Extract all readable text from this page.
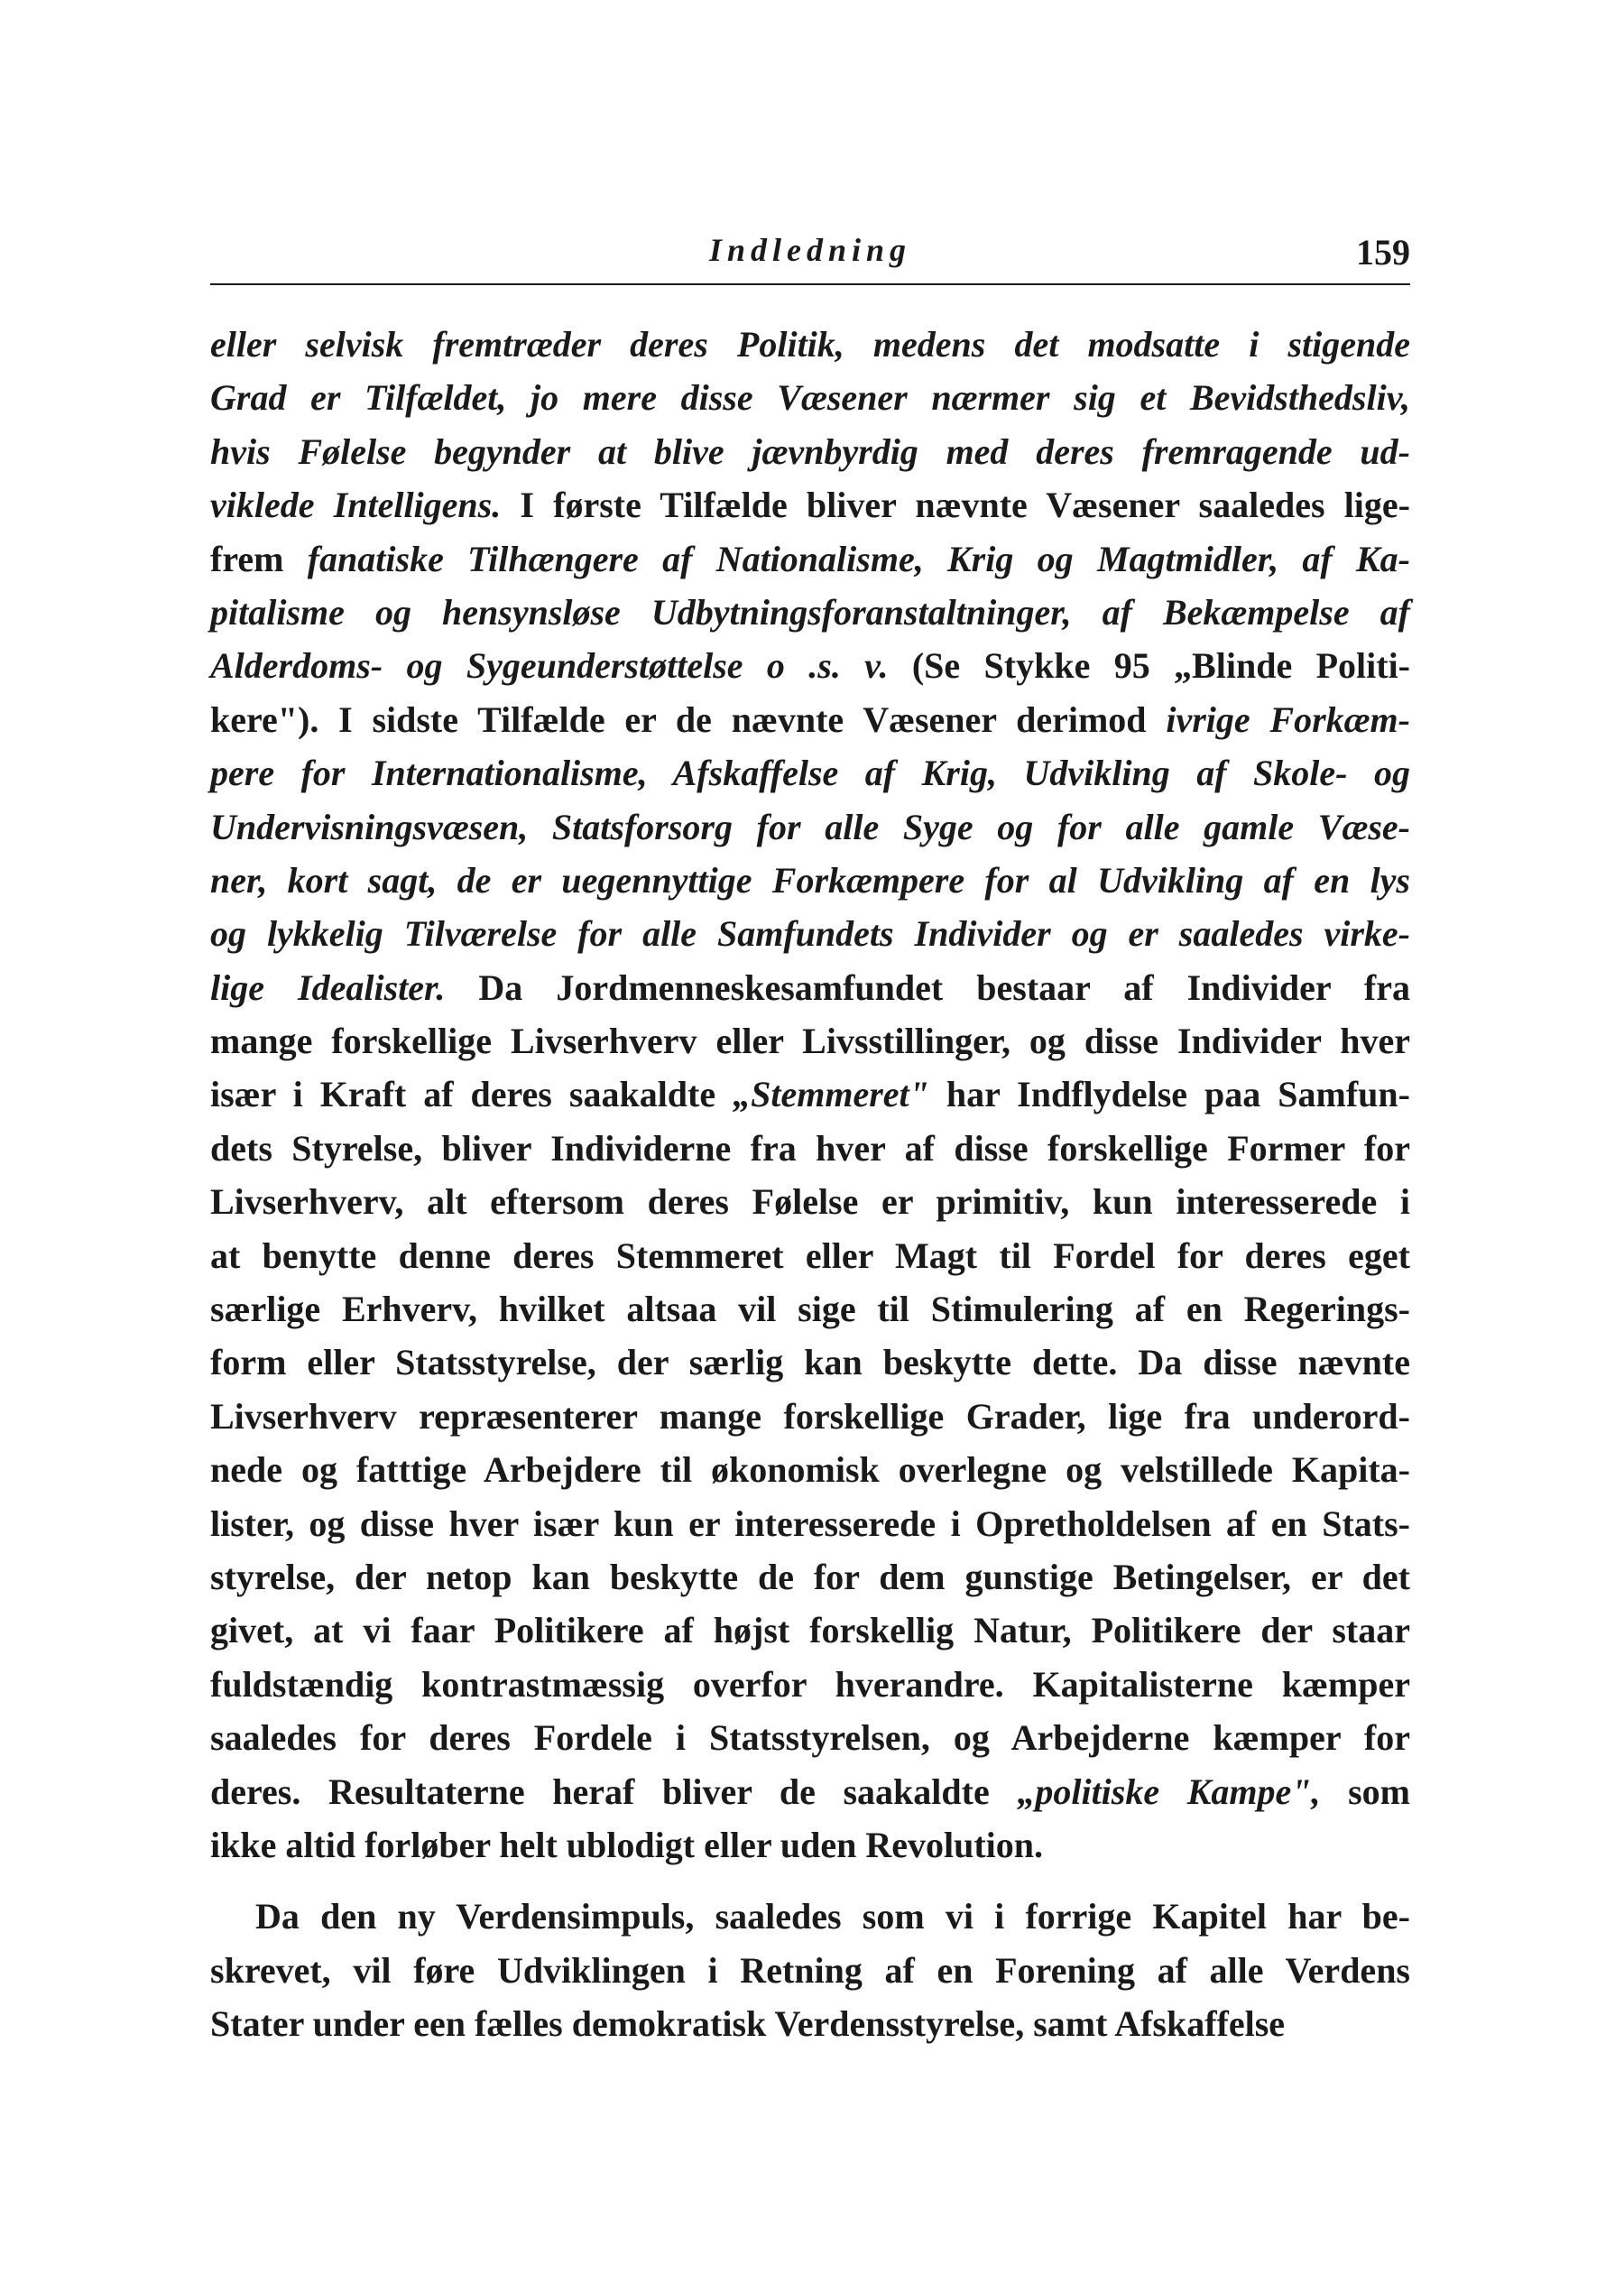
Indledning	159
eller selvisk fremtræder deres Politik, medens det modsatte i stigende
Grad er Tilfældet, jo mere disse Væsener nærmer sig et Bevidsthedsliv,
hvis Følelse begynder at blive jævnbyrdig med deres fremragende ud-
viklede Intelligens. I første Tilfælde bliver nævnte Væsener saaledes lige-
frem fanatiske Tilhængere af Nationalisme, Krig og Magtmidler, af Ka-
pitalisme og hensynsløse Udbytningsforanstaltninger, af Bekæmpelse af
Alderdoms- og Sygeunderstøttelse o .s. v. (Se Stykke 95 „Blinde Politi-
kere"). I sidste Tilfælde er de nævnte Væsener derimod ivrige Forkæm-
pere for Internationalisme, Afskaffelse af Krig, Udvikling af Skole- og
Undervisningsvæsen, Statsforsorg for alle Syge og for alle gamle Væse-
ner, kort sagt, de er uegennyttige Forkæmpere for al Udvikling af en lys
og lykkelig Tilværelse for alle Samfundets Individer og er saaledes virke-
lige Idealister. Da Jordmenneskesamfundet bestaar af Individer fra
mange forskellige Livserhverv eller Livsstillinger, og disse Individer hver
især i Kraft af deres saakaldte „Stemmeret" har Indflydelse paa Samfun-
dets Styrelse, bliver Individerne fra hver af disse forskellige Former for
Livserhverv, alt eftersom deres Følelse er primitiv, kun interesserede i
at benytte denne deres Stemmeret eller Magt til Fordel for deres eget
særlige Erhverv, hvilket altsaa vil sige til Stimulering af en Regerings-
form eller Statsstyrelse, der særlig kan beskytte dette. Da disse nævnte
Livserhverv repræsenterer mange forskellige Grader, lige fra underord-
nede og fatttige Arbejdere til økonomisk overlegne og velstillede Kapita-
lister, og disse hver især kun er interesserede i Opretholdelsen af en Stats-
styrelse, der netop kan beskytte de for dem gunstige Betingelser, er det
givet, at vi faar Politikere af højst forskellig Natur, Politikere der staar
fuldstændig kontrastmæssig overfor hverandre. Kapitalisterne kæmper
saaledes for deres Fordele i Statsstyrelsen, og Arbejderne kæmper for
deres. Resultaterne heraf bliver de saakaldte „politiske Kampe", som
ikke altid forløber helt ublodigt eller uden Revolution.
Da den ny Verdensimpuls, saaledes som vi i forrige Kapitel har be-
skrevet, vil føre Udviklingen i Retning af en Forening af alle Verdens
Stater under een fælles demokratisk Verdensstyrelse, samt Afskaffelse
